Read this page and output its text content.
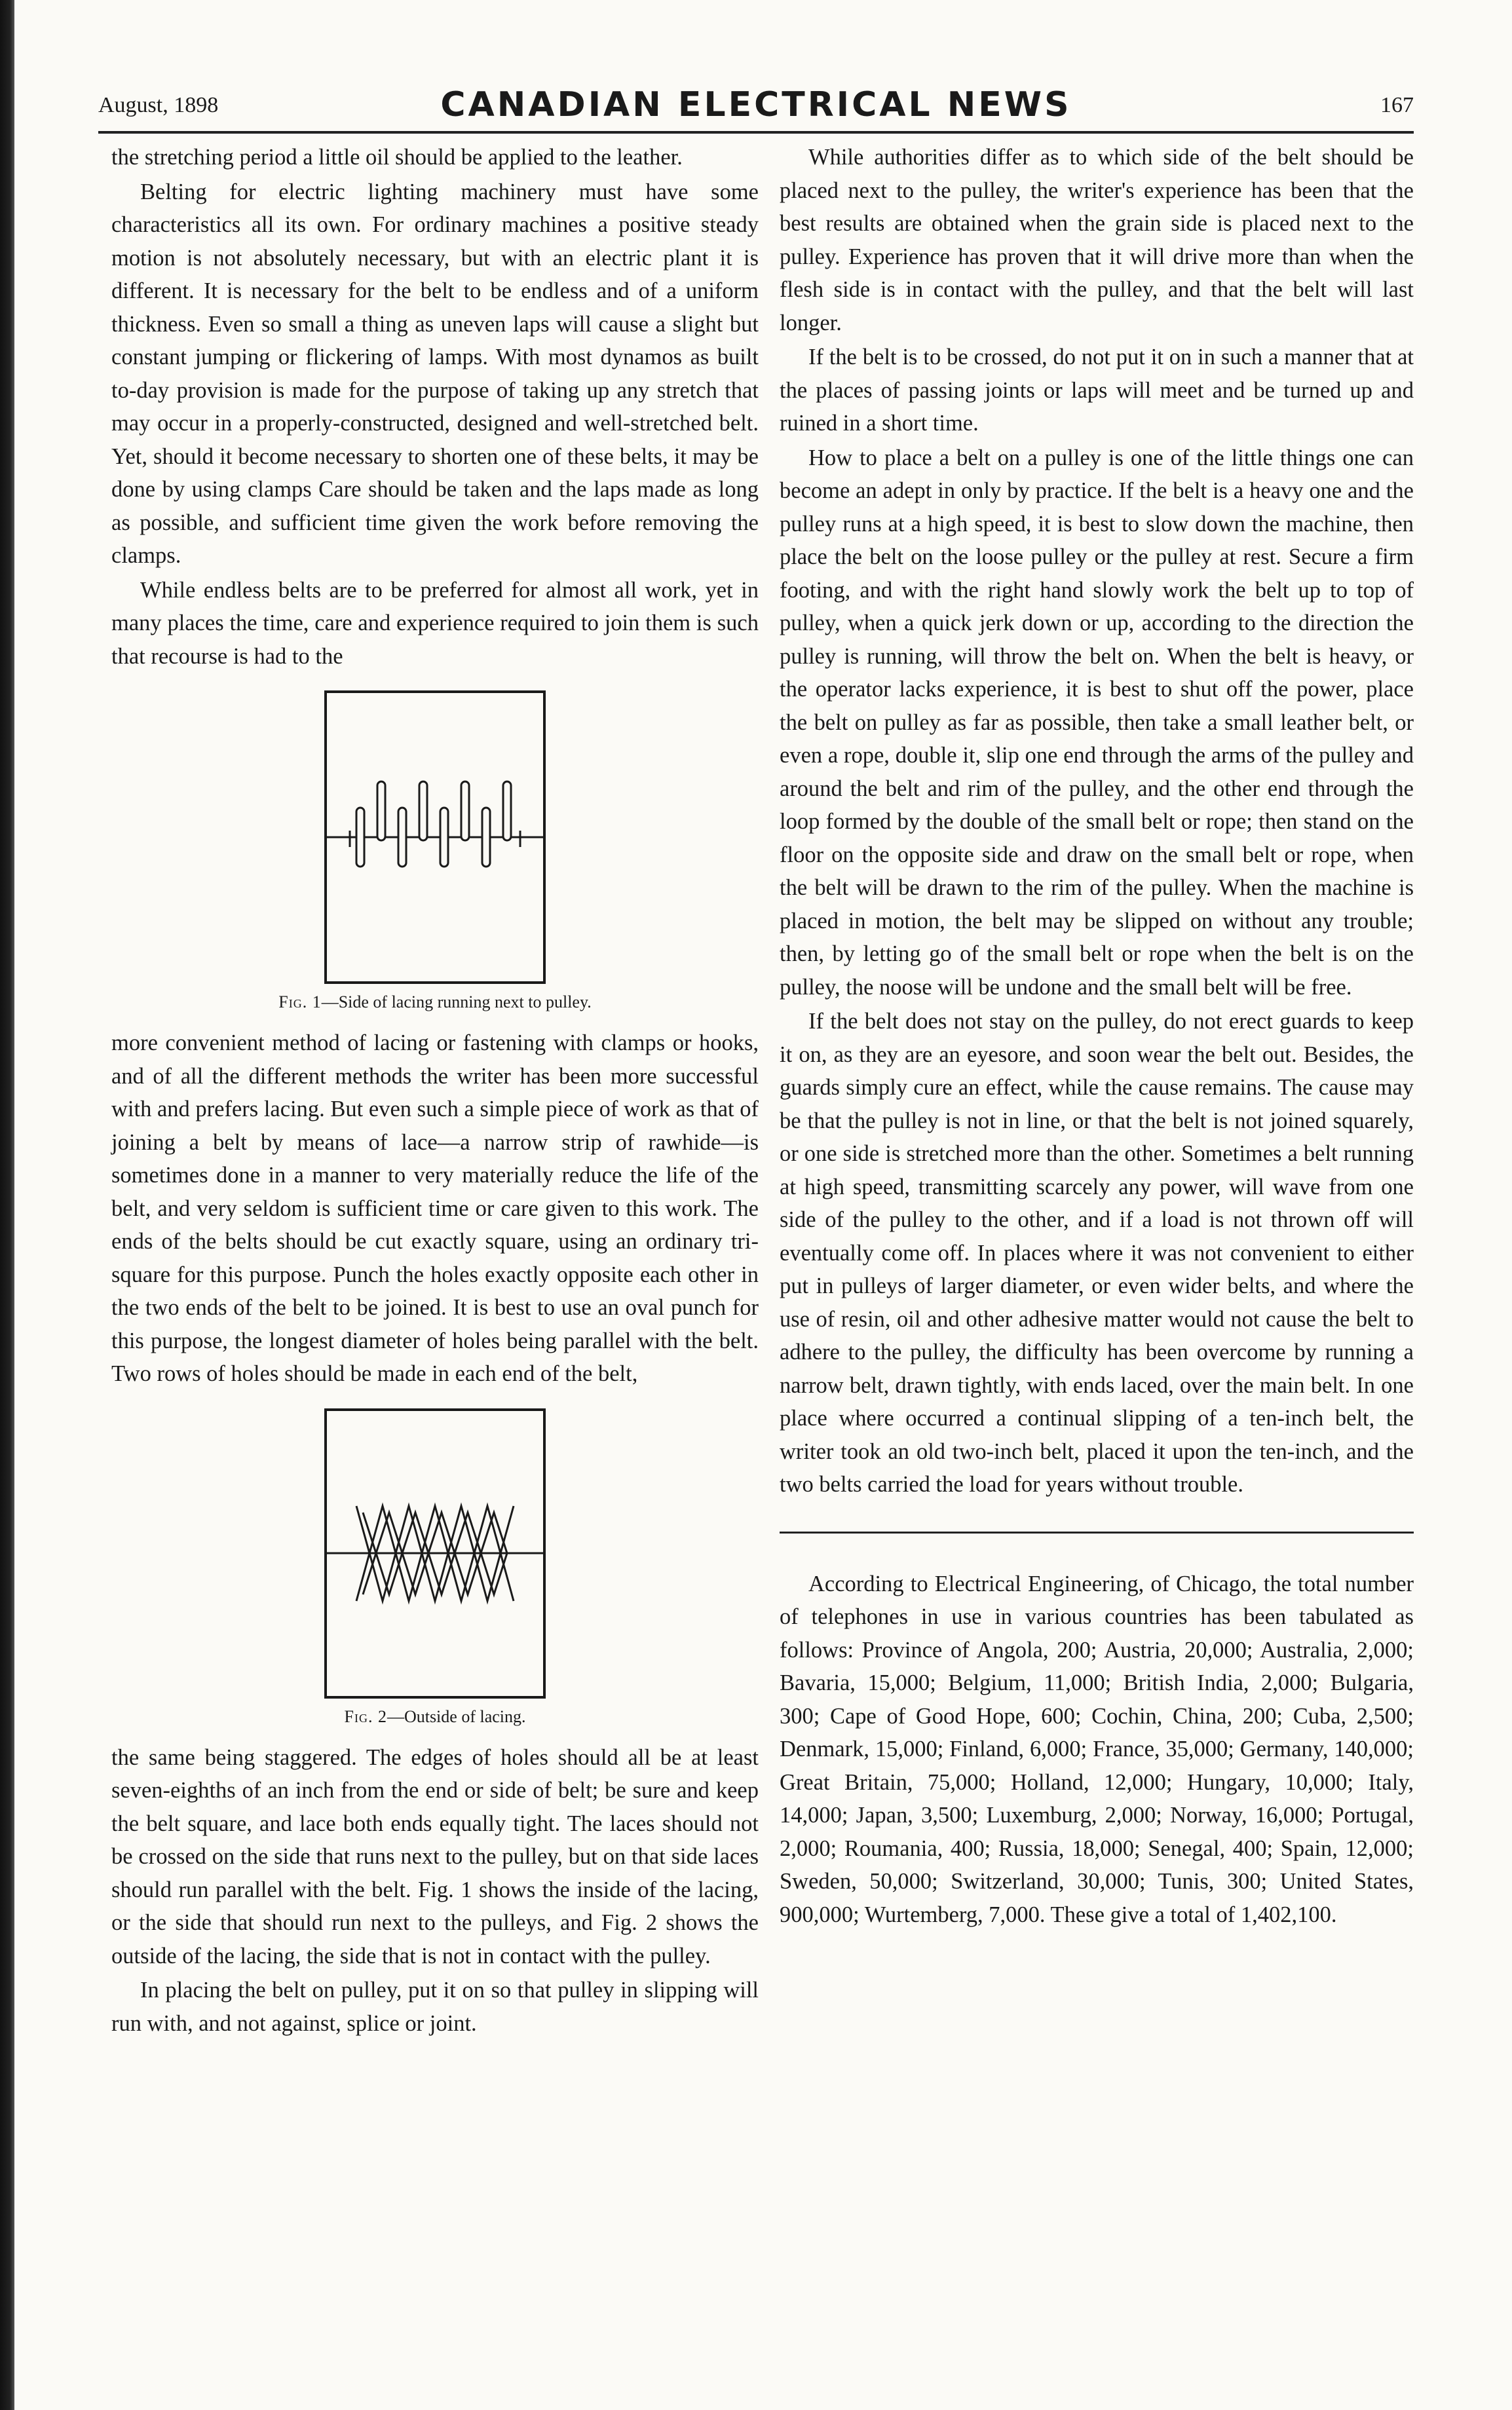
August, 1898	CANADIAN ELECTRICAL NEWS	167

the stretching period a little oil should be applied to the leather.

Belting for electric lighting machinery must have some characteristics all its own. For ordinary machines a positive steady motion is not absolutely necessary, but with an electric plant it is different. It is necessary for the belt to be endless and of a uniform thickness. Even so small a thing as uneven laps will cause a slight but constant jumping or flickering of lamps. With most dynamos as built to-day provision is made for the purpose of taking up any stretch that may occur in a properly-constructed, designed and well-stretched belt. Yet, should it become necessary to shorten one of these belts, it may be done by using clamps Care should be taken and the laps made as long as possible, and sufficient time given the work before removing the clamps.

While endless belts are to be preferred for almost all work, yet in many places the time, care and experience required to join them is such that recourse is had to the

Fig. 1—Side of lacing running next to pulley.

more convenient method of lacing or fastening with clamps or hooks, and of all the different methods the writer has been more successful with and prefers lacing. But even such a simple piece of work as that of joining a belt by means of lace—a narrow strip of rawhide—is sometimes done in a manner to very materially reduce the life of the belt, and very seldom is sufficient time or care given to this work. The ends of the belts should be cut exactly square, using an ordinary tri-square for this purpose. Punch the holes exactly opposite each other in the two ends of the belt to be joined. It is best to use an oval punch for this purpose, the longest diameter of holes being parallel with the belt. Two rows of holes should be made in each end of the belt,

Fig. 2—Outside of lacing.

the same being staggered. The edges of holes should all be at least seven-eighths of an inch from the end or side of belt; be sure and keep the belt square, and lace both ends equally tight. The laces should not be crossed on the side that runs next to the pulley, but on that side laces should run parallel with the belt. Fig. 1 shows the inside of the lacing, or the side that should run next to the pulleys, and Fig. 2 shows the outside of the lacing, the side that is not in contact with the pulley.

In placing the belt on pulley, put it on so that pulley in slipping will run with, and not against, splice or joint.

While authorities differ as to which side of the belt should be placed next to the pulley, the writer's experience has been that the best results are obtained when the grain side is placed next to the pulley. Experience has proven that it will drive more than when the flesh side is in contact with the pulley, and that the belt will last longer.

If the belt is to be crossed, do not put it on in such a manner that at the places of passing joints or laps will meet and be turned up and ruined in a short time.

How to place a belt on a pulley is one of the little things one can become an adept in only by practice. If the belt is a heavy one and the pulley runs at a high speed, it is best to slow down the machine, then place the belt on the loose pulley or the pulley at rest. Secure a firm footing, and with the right hand slowly work the belt up to top of pulley, when a quick jerk down or up, according to the direction the pulley is running, will throw the belt on. When the belt is heavy, or the operator lacks experience, it is best to shut off the power, place the belt on pulley as far as possible, then take a small leather belt, or even a rope, double it, slip one end through the arms of the pulley and around the belt and rim of the pulley, and the other end through the loop formed by the double of the small belt or rope; then stand on the floor on the opposite side and draw on the small belt or rope, when the belt will be drawn to the rim of the pulley. When the machine is placed in motion, the belt may be slipped on without any trouble; then, by letting go of the small belt or rope when the belt is on the pulley, the noose will be undone and the small belt will be free.

If the belt does not stay on the pulley, do not erect guards to keep it on, as they are an eyesore, and soon wear the belt out. Besides, the guards simply cure an effect, while the cause remains. The cause may be that the pulley is not in line, or that the belt is not joined squarely, or one side is stretched more than the other. Sometimes a belt running at high speed, transmitting scarcely any power, will wave from one side of the pulley to the other, and if a load is not thrown off will eventually come off. In places where it was not convenient to either put in pulleys of larger diameter, or even wider belts, and where the use of resin, oil and other adhesive matter would not cause the belt to adhere to the pulley, the difficulty has been overcome by running a narrow belt, drawn tightly, with ends laced, over the main belt. In one place where occurred a continual slipping of a ten-inch belt, the writer took an old two-inch belt, placed it upon the ten-inch, and the two belts carried the load for years without trouble.

According to Electrical Engineering, of Chicago, the total number of telephones in use in various countries has been tabulated as follows: Province of Angola, 200; Austria, 20,000; Australia, 2,000; Bavaria, 15,000; Belgium, 11,000; British India, 2,000; Bulgaria, 300; Cape of Good Hope, 600; Cochin, China, 200; Cuba, 2,500; Denmark, 15,000; Finland, 6,000; France, 35,000; Germany, 140,000; Great Britain, 75,000; Holland, 12,000; Hungary, 10,000; Italy, 14,000; Japan, 3,500; Luxemburg, 2,000; Norway, 16,000; Portugal, 2,000; Roumania, 400; Russia, 18,000; Senegal, 400; Spain, 12,000; Sweden, 50,000; Switzerland, 30,000; Tunis, 300; United States, 900,000; Wurtemberg, 7,000. These give a total of 1,402,100.
